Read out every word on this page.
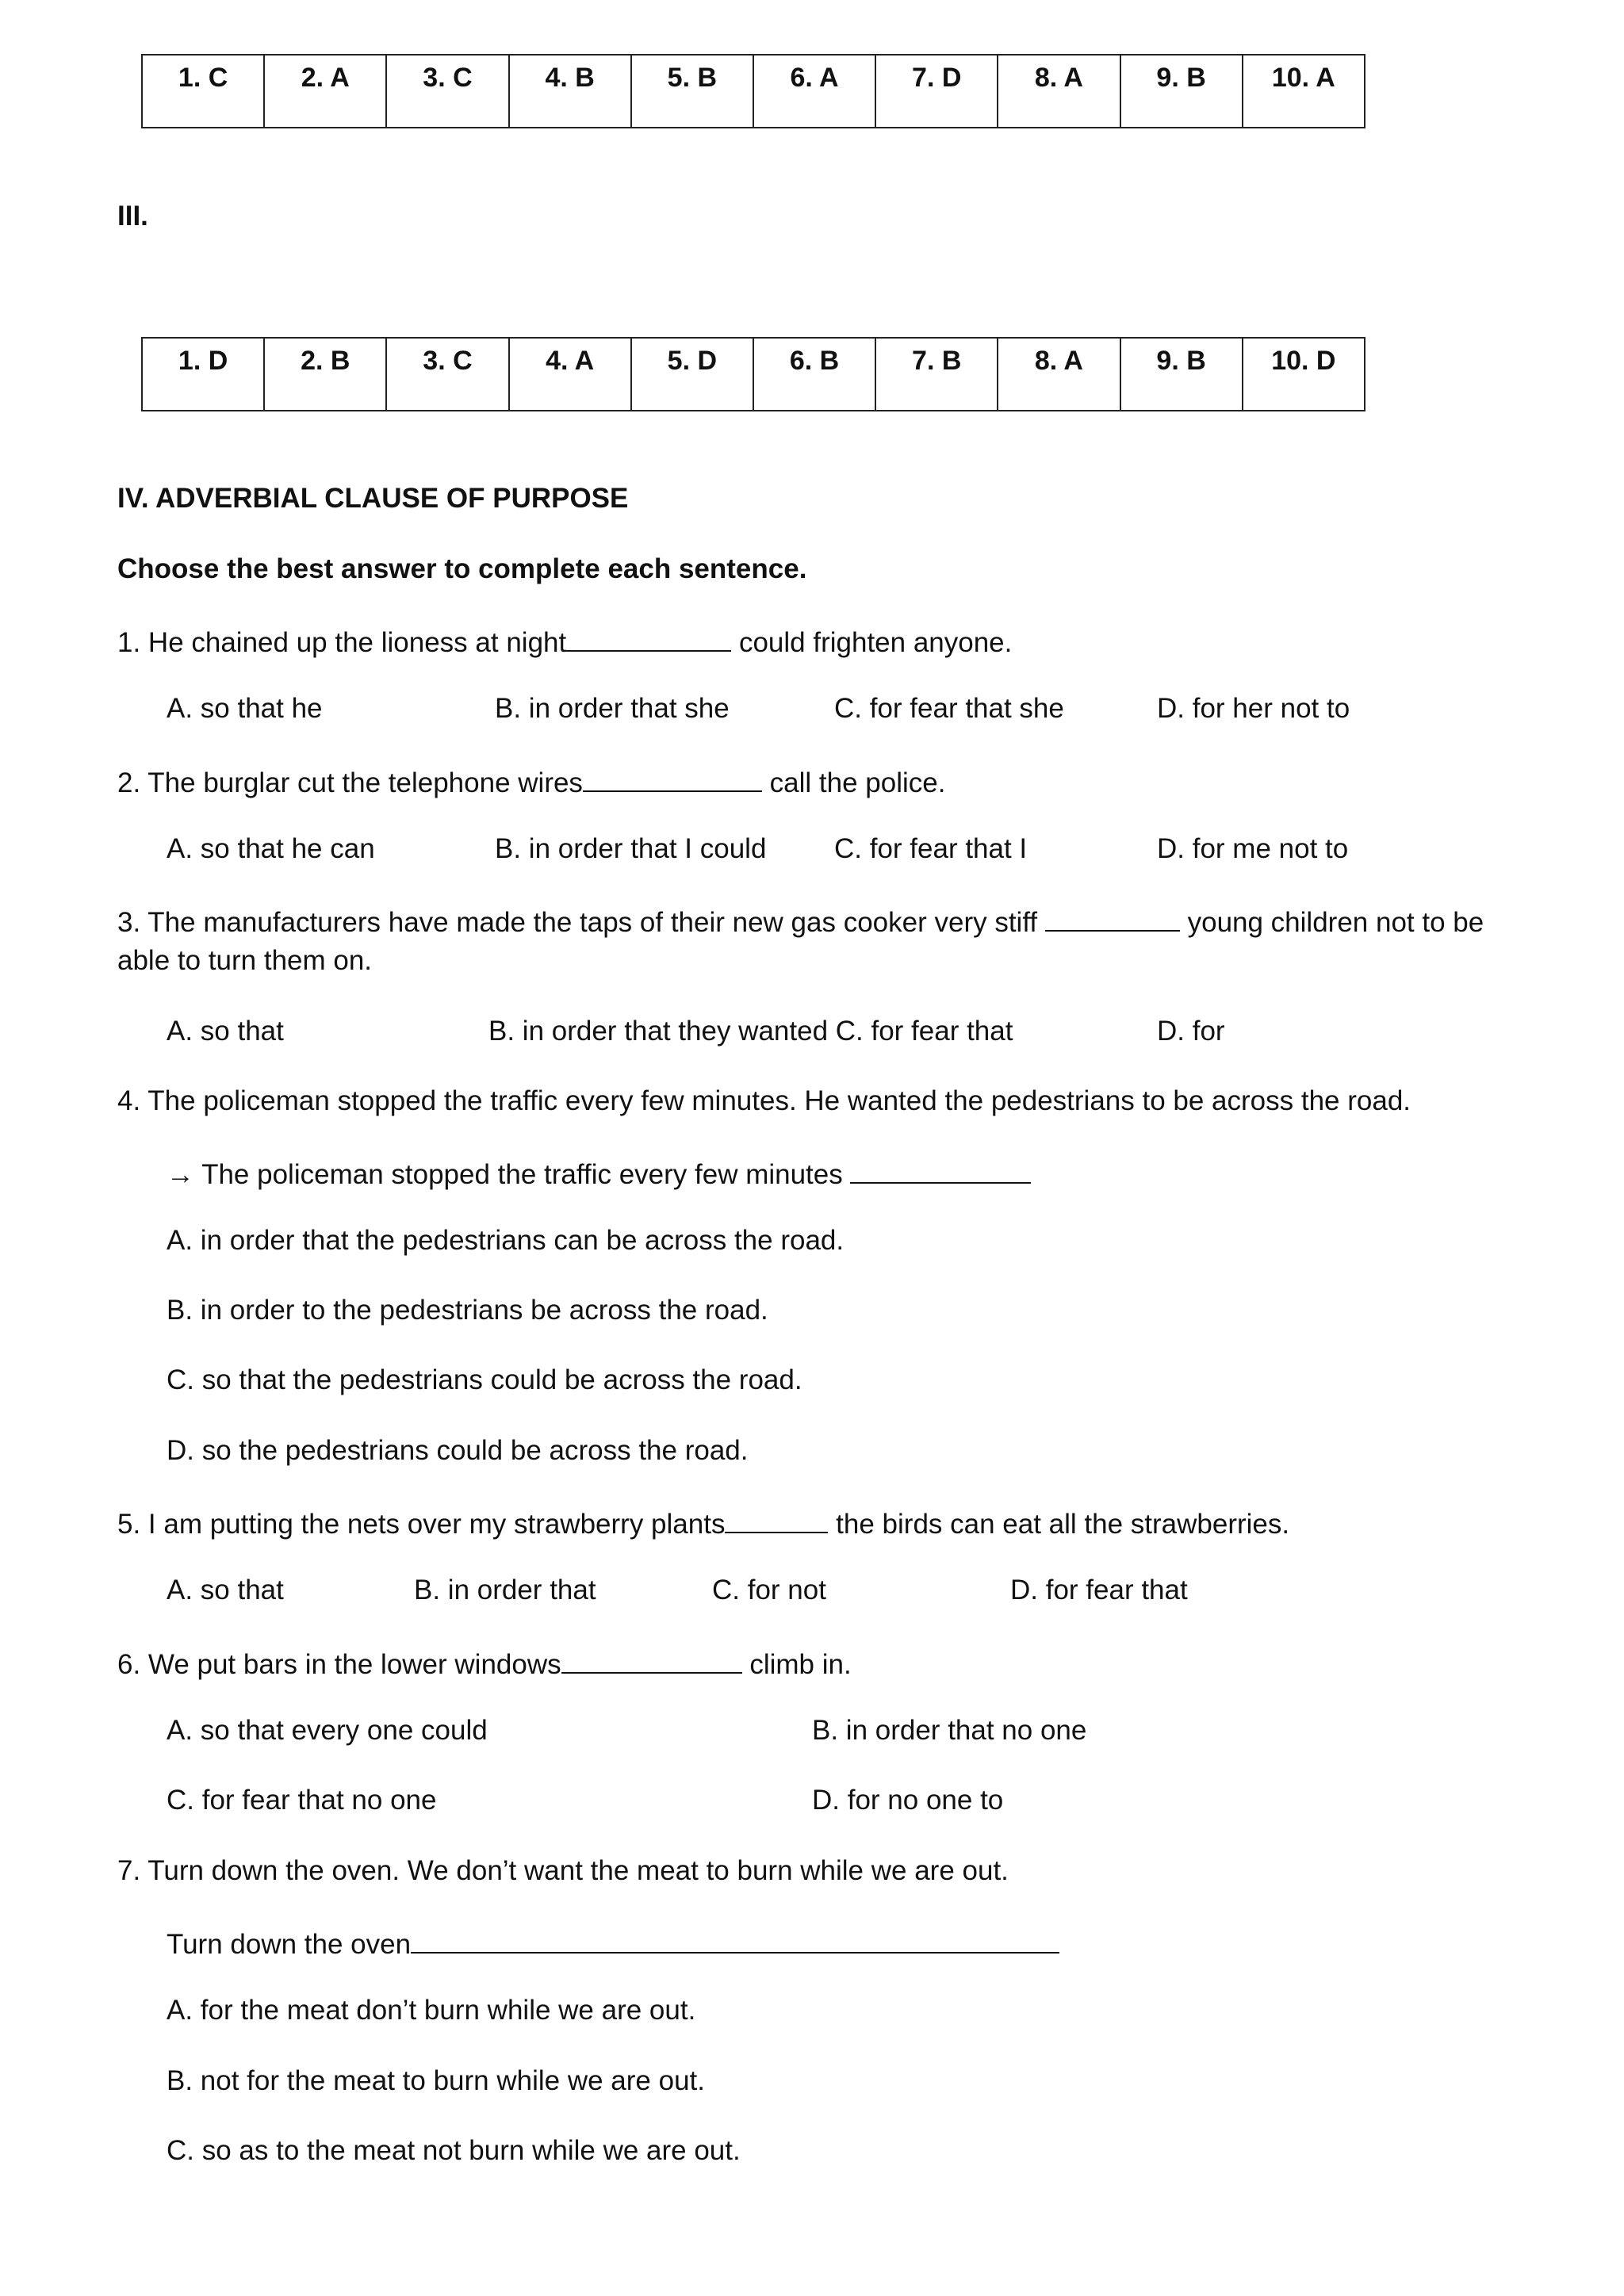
1. C	2. A	3. C	4. B	5. B	6. A	7. D	8. A	9. B	10. A
III.
1. D	2. B	3. C	4. A	5. D	6. B	7. B	8. A	9. B	10. D
IV. ADVERBIAL CLAUSE OF PURPOSE
Choose the best answer to complete each sentence.
1. He chained up the lioness at night	could frighten anyone.
A. so that he	B. in order that she	C. for fear that she	D. for her not to
2. The burglar cut the telephone wires	call the police.
A. so that he can	B. in order that I could C. for fear that I	D. for me not to
3. The manufacturers have made the taps of their new gas cooker very stiff	young children not to be
able to turn them on.
A. so that	B. in order that they wanted C. for fear that	D. for
4. The policeman stopped the traffic every few minutes. He wanted the pedestrians to be across the road.
→ The policeman stopped the traffic every few minutes
A. in order that the pedestrians can be across the road.
B. in order to the pedestrians be across the road.
C. so that the pedestrians could be across the road.
D. so the pedestrians could be across the road.
5. I am putting the nets over my strawberry plants	the birds can eat all the strawberries.
A. so that	B. in order that	C. for not	D. for fear that
6. We put bars in the lower windows	climb in.
A. so that every one could	B. in order that no one
C. for fear that no one	D. for no one to
7. Turn down the oven. We don’t want the meat to burn while we are out.
Turn down the oven
A. for the meat don’t burn while we are out.
B. not for the meat to burn while we are out.
C. so as to the meat not burn while we are out.
